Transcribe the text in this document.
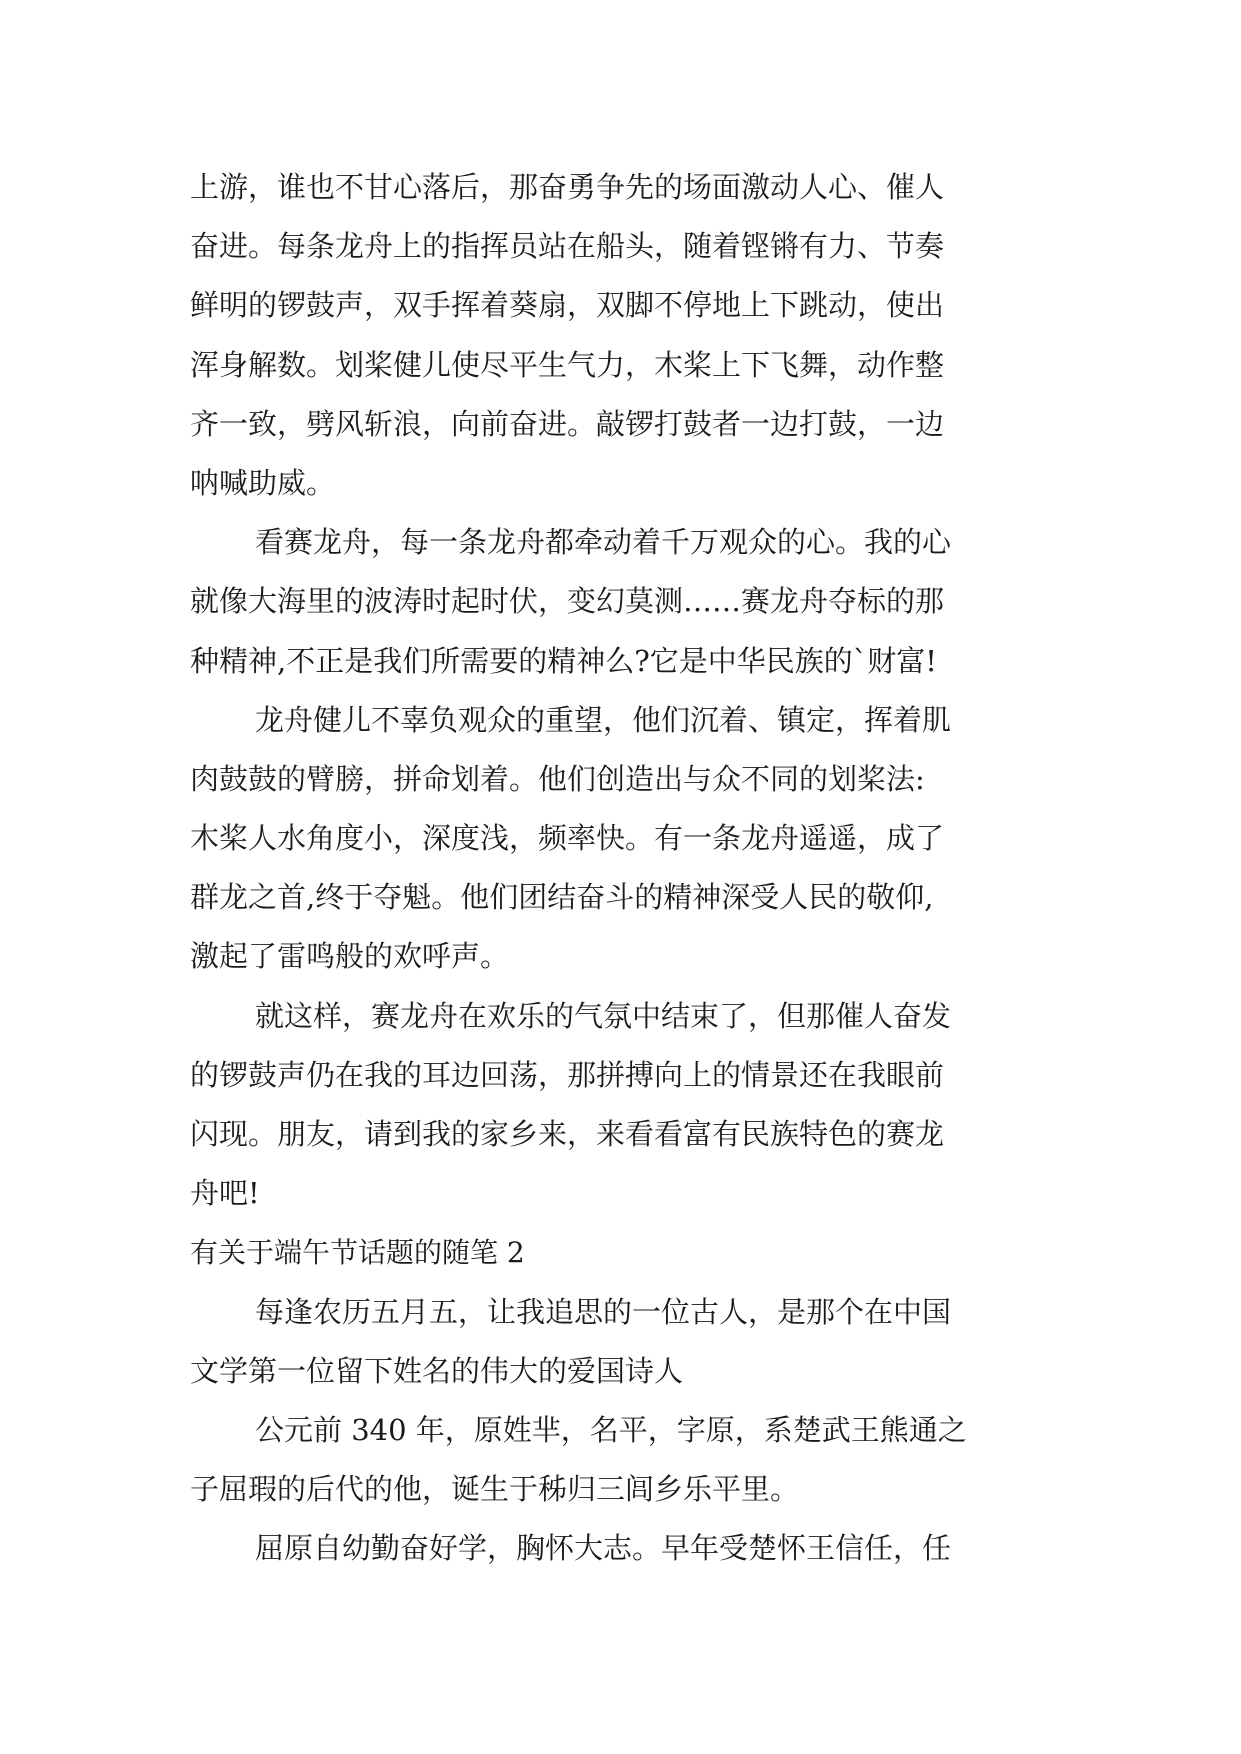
上游，谁也不甘心落后，那奋勇争先的场面激动人心、催人
奋进。每条龙舟上的指挥员站在船头，随着铿锵有力、节奏
鲜明的锣鼓声，双手挥着葵扇，双脚不停地上下跳动，使出
浑身解数。划桨健儿使尽平生气力，木桨上下飞舞，动作整
齐一致，劈风斩浪，向前奋进。敲锣打鼓者一边打鼓，一边
呐喊助威。
看赛龙舟，每一条龙舟都牵动着千万观众的心。我的心
就像大海里的波涛时起时伏，变幻莫测……赛龙舟夺标的那
种精神,不正是我们所需要的精神么?它是中华民族的`财富!
龙舟健儿不辜负观众的重望，他们沉着、镇定，挥着肌
肉鼓鼓的臂膀，拼命划着。他们创造出与众不同的划桨法:
木桨人水角度小，深度浅，频率快。有一条龙舟遥遥，成了
群龙之首,终于夺魁。他们团结奋斗的精神深受人民的敬仰,
激起了雷鸣般的欢呼声。
就这样，赛龙舟在欢乐的气氛中结束了，但那催人奋发
的锣鼓声仍在我的耳边回荡，那拼搏向上的情景还在我眼前
闪现。朋友，请到我的家乡来，来看看富有民族特色的赛龙
舟吧!
有关于端午节话题的随笔 2
每逢农历五月五，让我追思的一位古人，是那个在中国
文学第一位留下姓名的伟大的爱国诗人
公元前 340 年，原姓芈，名平，字原，系楚武王熊通之
子屈瑕的后代的他，诞生于秭归三闾乡乐平里。
屈原自幼勤奋好学，胸怀大志。早年受楚怀王信任，任
